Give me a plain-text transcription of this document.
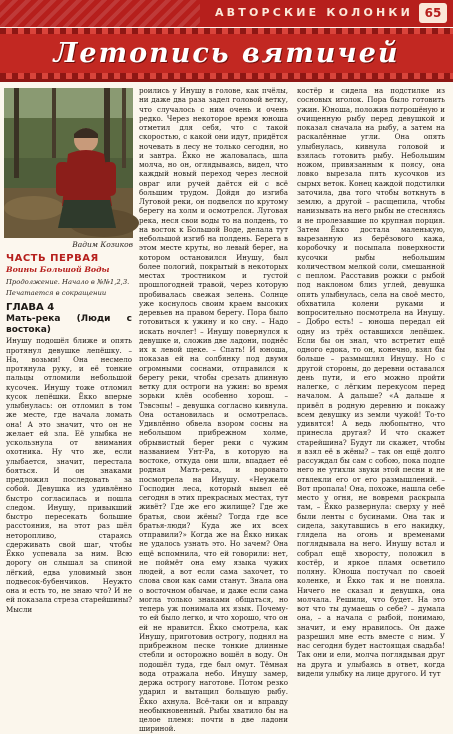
АВТОРСКИЕ КОЛОНКИ 65
Летопись вятичей
Вадим Козиков
ЧАСТЬ ПЕРВАЯ
Воины Большой Воды
Продолжение. Начало в №№1,2,3.
Печатается в сокращении
ГЛАВА 4
Мать-река (Люди с востока)

Инушу подошёл ближе и опять протянул девушке лепёшку. – На, возьми! Она несмело протянула руку, и её тонкие пальцы отломили небольшой кусочек. Инушу тоже отломил кусок лепёшки. Ёкко вперые улыбнулась: он отломил в том же месте, где начала ломать она! А это значит, что он не желает ей зла. Её улыбка не ускользнула от внимания охотника. Ну что же, если улыбается, значит, перестала бояться. И он знаками предложил последовать за собой. Девушка из удивлённо быстро согласилась и пошла следом. Инушу, привыкший быстро пересекать большие расстояния, на этот раз шёл неторопливо, стараясь сдерживать свой шаг, чтобы Ёкко успевала за ним. Всю дорогу он слышал за спиной лёгкий, едва уловимый звон подвесок-бубенчиков. Неужто она и есть то, не знаю что? И не ей показала стреза старейшины? Мысли

роились у Инушу в голове, как пчёлы, ни даже два раза задел головой ветку, что случалось с ним очень и очень редко. Через некоторое время юноша отметил для себя, что с такой скоростью, с какой они идут, придётся ночевать в лесу не только сегодня, но и завтра. Ёкко не жаловалась, шла молча, но он, оглядываясь, видел, что каждый новый переход через лесной овраг или ручей даётся ей с всё большим трудом. Дойдя до изгиба Луговой реки, он подвелся по крутому берегу на холм и осмотрелся. Луговая река, неся свои воды то на полдень, то на восток к Большой Воде, делала тут небольшой изгиб на полдень. Берега в этом месте круты, но левый берег, на котором остановился Инушу, был более пологий, покрытый в некоторых местах тростником и густой прошлогодней травой, через которую пробивалась свежая зелень. Солнце уже коснулось своим краем высоких деревьев на правом берегу. Пора было готовиться к ужину и ко сну. – Надо искать ночлег! – Инушу повернулся к девушке и, сложив две ладони, поднёс их к левой щеке. – Спать! И юноша, показав ей на солбянку под двумя огромными соснами, отправился к берегу реки, чтобы срезать длинную ветку для остроги на ужин: во время зорьки клёв особенно хорош. – Тэвсэпы! – девушка согласно кивнула. Она остановилась и осмотрелась. Удивлённо обвела взором сосны на небольшом прибрежном холме, обрывистый берег реки с чужим названием Унт-Ра, в которую на востоке, откуда они шли, впадает её родная Мать-река, и воровато посмотрела на Инушу. «Неужели Господин леса, который вывел её сегодня в этих прекрасных местах, тут живёт? Где же его жилище? Где же братья, свои жёны? Тогда где все братья-люди? Куда же их всех отправили?» Когда же на Ёкко никак не удалось узнать это. Но зачем? Она ещё вспомнила, что ей говорили: нет, не поймёт она ему языка чужих людей, а вот если сама захочет, то слова свои как сами станут. Знала она о восточном обычае, и даже если сама могла только знаками общаться, но теперь уж понимала их язык. Почему-то ей было легко, и что хорошо, что он ей не нравится. Ёкко смотрела, как Инушу, приготовив острогу, поднял на прибрежном песке тонкие длинные стебли и осторожно вошёл в воду. Он подошёл туда, где был омут. Тёмная вода отражала небо. Инушу замер, держа острогу наготове. Потом резко ударил и вытащил большую рыбу. Ёкко ахнула. Всё-таки он и вправду необыкновенный. Рыбы хватило бы на целое племя: почти в две ладони шириной.

костёр и сидела на подстилке из сосновых иголок. Пора было готовить ужин. Юноша, положив потрошёную и очищенную рыбу перед девушкой и показал сначала на рыбу, а затем на раскалённые угли. Она опять улыбнулась, кивнула головой и взялась готовить рыбу. Небольшим ножом, привязанным к поясу, она ловко вырезала пять кусочков из сырых веток. Конец каждой подстилки заточила, два того чтобы воткнуть в землю, а другой – расщепила, чтобы нанизывать на него рыбы не стесняясь и не пролезавшие по крупная порция. Затем Ёкко достала маленькую, вырезанную из берёзового кажа, коробочку и посыпала поверхности кусочки рыбы небольшим количеством мелкой соли, смешанной с пеплом. Расставив рожки с рыбой под наклоном близ углей, девушка опять улыбнулась, села на своё место, обхватила колени руками и вопросительно посмотрела на Инушу. – Добро есть! – юноша передал ей одну из трёх оставшихся лепёшек. Если бы он знал, что встретит ещё одного едока, то он, конечно, взял бы больше – размышлял Инушу. Но с другой стороны, до деревни оставался день пути, и его можно пройти налегке, с лёгким перекусом перед началом. А дальше? «А дальше я привёл в родную деревню и покажу всем девушку из земли чужой! То-то удивятся! А ведь любопытно, что принесла другая? И что скажет старейшина? Будут ли скажет, чтобы я взял её в жёны? – так он ещё долго рассуждал бы сам с собою, пока подле него не утихли звуки этой песни и не отвлекли его от его размышлений. – Вот пропала! Она, похоже, нашла себе место у огня, не вовремя раскрыла там, – Ёкко развернула: сверху у неё были ленты с бусинами. Она так и сидела, закутавшись в его накидку, глядела на огонь и временами поглядывала на него. Инушу встал и собрал ещё хворосту, положил в костёр, и яркое пламя осветило поляну. Юноша постучал по своей коленке, и Ёкко так и не поняла. Ничего не сказал и девушка, она молчала. Решили, что будет. На это вот что ты думаешь о себе? – думала она, – а начала с рыбой, понимаю, значит, и ему нравилось. Он даже разрешил мне есть вместе с ним. У нас сегодня будет настоящая свадьба! Так они и ели, молча поглядывая друг на друга и улыбаясь в ответ, когда видели улыбку на лице другого. И тут
